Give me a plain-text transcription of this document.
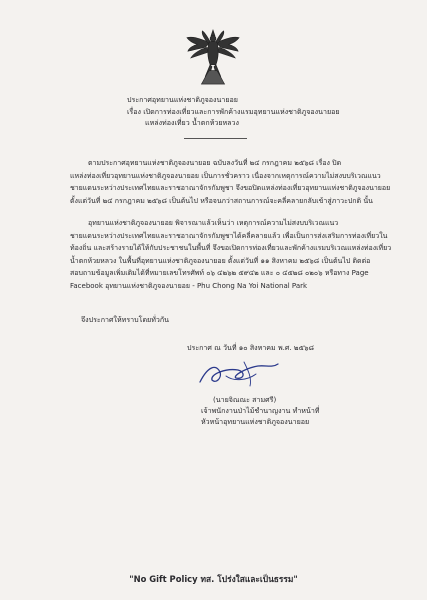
ประกาศอุทยานแห่งชาติภูจองนายอย
เรื่อง เปิดการท่องเที่ยวและการพักค้างแรมอุทยานแห่งชาติภูจองนายอย
แหล่งท่องเที่ยว น้ำตกห้วยหลวง
ตามประกาศอุทยานแห่งชาติภูจองนายอย ฉบับลงวันที่ ๒๔ กรกฎาคม ๒๕๖๘ เรื่อง ปิด
แหล่งท่องเที่ยวอุทยานแห่งชาติภูจองนายอย เป็นการชั่วคราว เนื่องจากเหตุการณ์ความไม่สงบบริเวณแนว
ชายแดนระหว่างประเทศไทยและราชอาณาจักรกัมพูชา จึงขอปิดแหล่งท่องเที่ยวอุทยานแห่งชาติภูจองนายอย
ตั้งแต่วันที่ ๒๔ กรกฎาคม ๒๕๖๘ เป็นต้นไป หรือจนกว่าสถานการณ์จะคลี่คลายกลับเข้าสู่ภาวะปกติ นั้น
อุทยานแห่งชาติภูจองนายอย พิจารณาแล้วเห็นว่า เหตุการณ์ความไม่สงบบริเวณแนว
ชายแดนระหว่างประเทศไทยและราชอาณาจักรกัมพูชาได้คลี่คลายแล้ว เพื่อเป็นการส่งเสริมการท่องเที่ยวใน
ท้องถิ่น และสร้างรายได้ให้กับประชาชนในพื้นที่ จึงขอเปิดการท่องเที่ยวและพักค้างแรมบริเวณแหล่งท่องเที่ยว
น้ำตกห้วยหลวง ในพื้นที่อุทยานแห่งชาติภูจองนายอย ตั้งแต่วันที่ ๑๑ สิงหาคม ๒๕๖๘ เป็นต้นไป ติดต่อ
สอบถามข้อมูลเพิ่มเติมได้ที่หมายเลขโทรศัพท์ ๐๖ ๔๒๖๒ ๕๙๔๒ และ ๐ ๔๕๒๘ ๐๒๐๖ หรือทาง Page
Facebook อุทยานแห่งชาติภูจองนายอย - Phu Chong Na Yoi National Park
จึงประกาศให้ทราบโดยทั่วกัน
ประกาศ ณ วันที่ ๑๐ สิงหาคม พ.ศ. ๒๕๖๘
(นายจิณณะ สามศรี)
เจ้าพนักงานป่าไม้ชำนาญงาน ทำหน้าที่
หัวหน้าอุทยานแห่งชาติภูจองนายอย
"No Gift Policy ทส. โปร่งใสและเป็นธรรม"
